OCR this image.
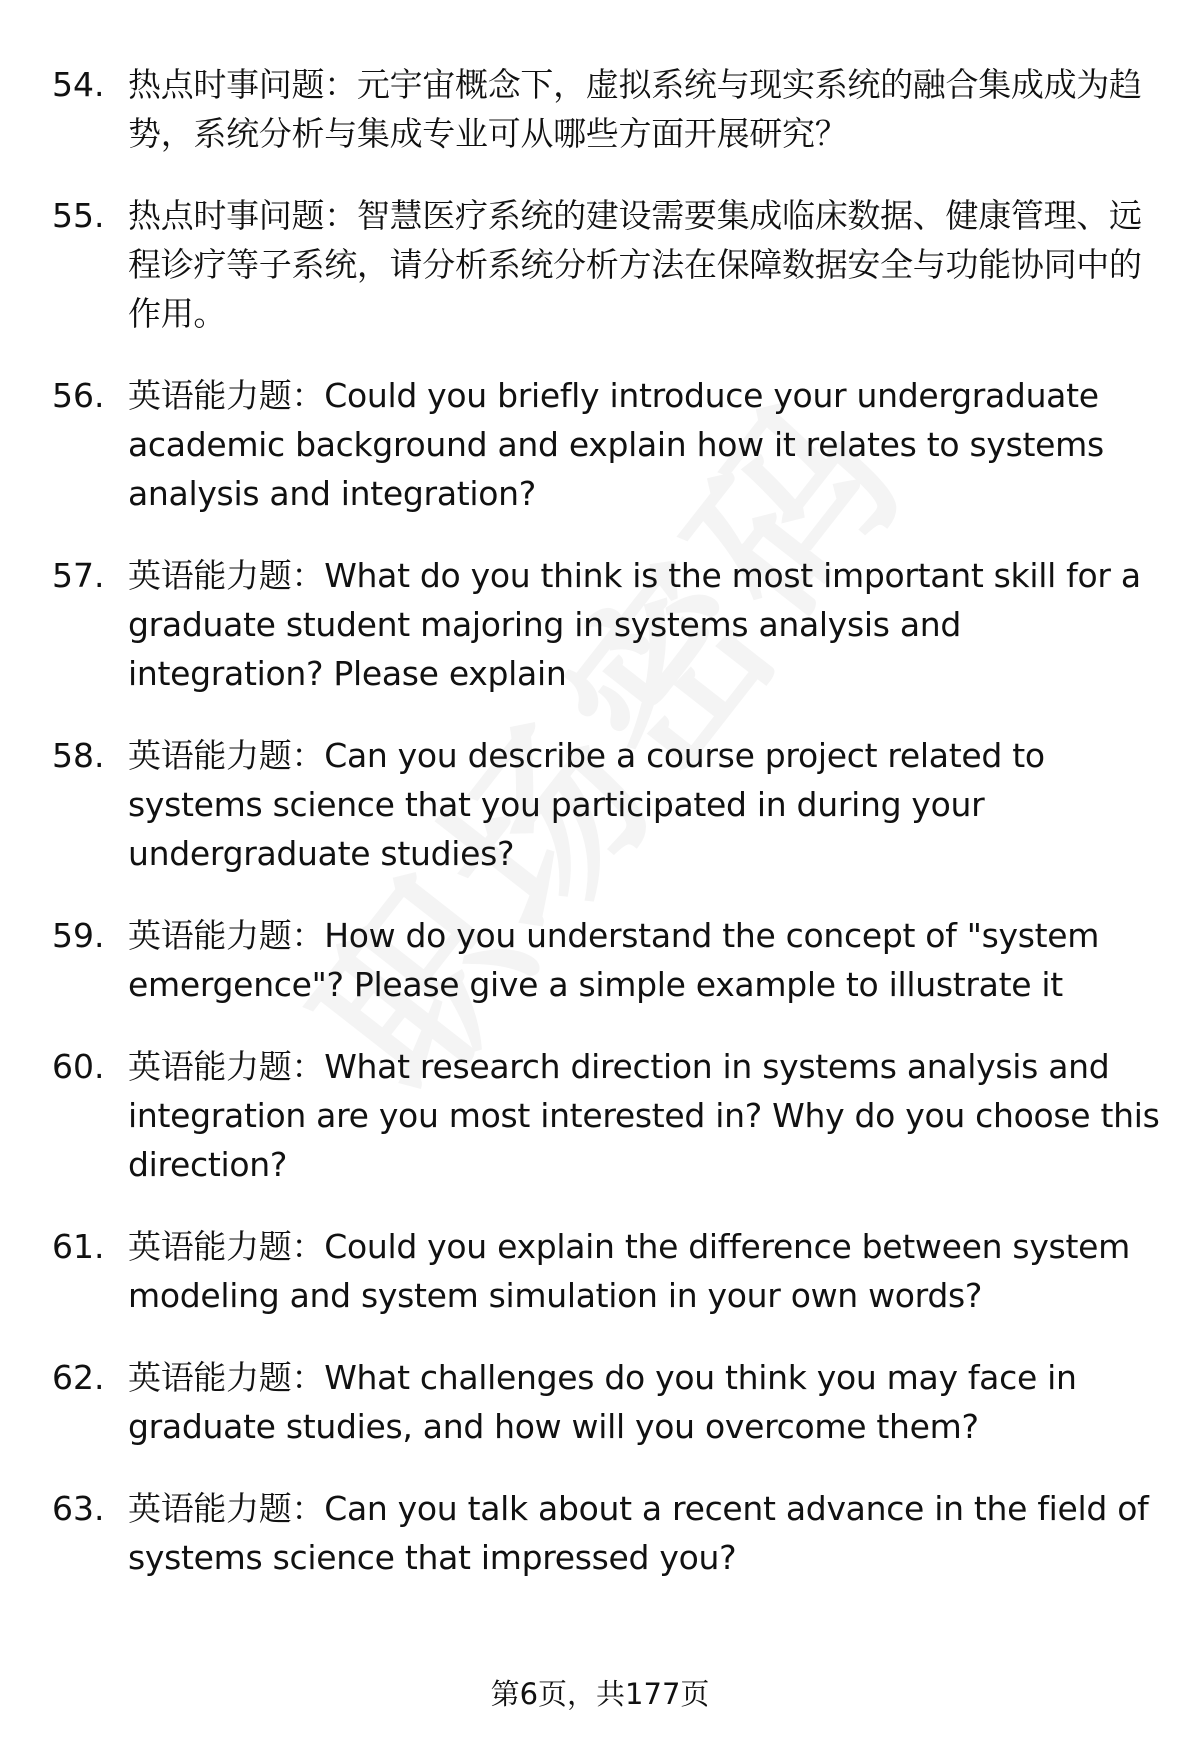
54. 热点时事问题：元宇宙概念下，虚拟系统与现实系统的融合集成成为趋势，系统分析与集成专业可从哪些方面开展研究？
55. 热点时事问题：智慧医疗系统的建设需要集成临床数据、健康管理、远程诊疗等子系统，请分析系统分析方法在保障数据安全与功能协同中的作用。
56. 英语能力题：Could you briefly introduce your undergraduate academic background and explain how it relates to systems analysis and integration?
57. 英语能力题：What do you think is the most important skill for a graduate student majoring in systems analysis and integration? Please explain
58. 英语能力题：Can you describe a course project related to systems science that you participated in during your undergraduate studies?
59. 英语能力题：How do you understand the concept of "system emergence"? Please give a simple example to illustrate it
60. 英语能力题：What research direction in systems analysis and integration are you most interested in? Why do you choose this direction?
61. 英语能力题：Could you explain the difference between system modeling and system simulation in your own words?
62. 英语能力题：What challenges do you think you may face in graduate studies, and how will you overcome them?
63. 英语能力题：Can you talk about a recent advance in the field of systems science that impressed you?
第6页，共177页
